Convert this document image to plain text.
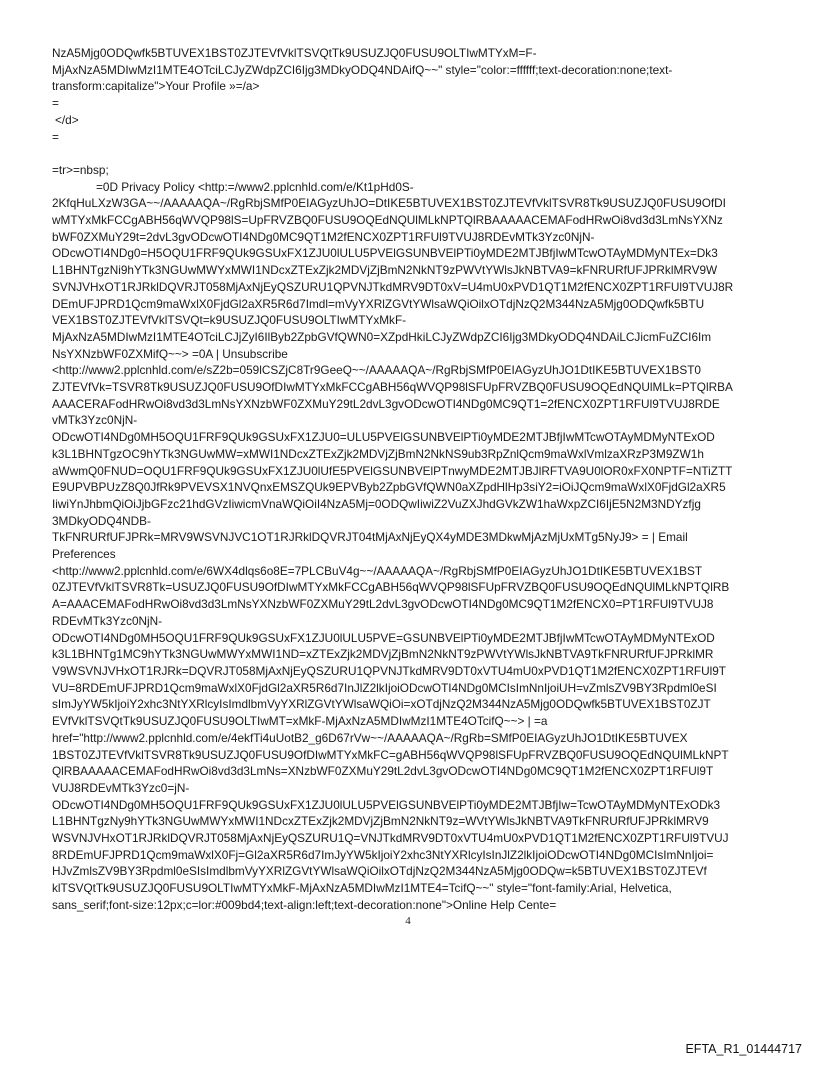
NzA5Mjg0ODQwfk5BTUVEX1BST0ZJTEVfVklTSVQtTk9USUZJQ0FUSU9OLTIwMTYxM=F-
MjAxNzA5MDIwMzI1MTE4OTciLCJyZWdpZCI6Ijg3MDkyODQ4NDAifQ~~" style="color:=ffffff;text-decoration:none;text-
transform:capitalize">Your Profile »=/a>
=
</d>
=
=tr>=nbsp;
=0D Privacy Policy <http:=/www2.pplcnhld.com/e/Kt1pHd0S-
2KfqHuLXzW3GA~~/AAAAAQA~/RgRbjSMfP0EIAGyzUhJO=DtIKE5BTUVEX1BST0ZJTEVfVklTSVR8Tk9USUZJQ0FUSU9OfDI
wMTYxMkFCCgABH56qWVQP98lS=UpFRVZBQ0FUSU9OQEdNQUlMLkNPTQlRBAAAAACEMAFodHRwOi8vd3d3LmNsYXNz
bWF0ZXMuY29t=2dvL3gvODcwOTI4NDg0MC9QT1M2fENCX0ZPT1RFUl9TVUJ8RDEvMTk3Yzc0NjN-
ODcwOTI4NDg0=H5OQU1FRF9QUk9GSUxFX1ZJU0lULU5PVElGSUNBVElPTi0yMDE2MTJBfjIwMTcwOTAyMDMyNTEx=Dk3
L1BHNTgzNi9hYTk3NGUwMWYxMWI1NDcxZTExZjk2MDVjZjBmN2NkNT9zPWVtYWlsJkNBTVA9=kFNRURfUFJPRklMRV9W
SVNJVHxOT1RJRklDQVRJT058MjAxNjEyQSZURU1QPVNJTkdMRV9DT0xV=U4mU0xPVD1QT1M2fENCX0ZPT1RFUl9TVUJ8R
DEmUFJPRD1Qcm9maWxlX0FjdGl2aXR5R6d7Imdl=mVyYXRlZGVtYWlsaWQiOilxOTdjNzQ2M344NzA5Mjg0ODQwfk5BTU
VEX1BST0ZJTEVfVklTSVQt=k9USUZJQ0FUSU9OLTIwMTYxMkF-
MjAxNzA5MDIwMzI1MTE4OTciLCJjZyI6IlByb2ZpbGVfQWN0=XZpdHkiLCJyZWdpZCI6Ijg3MDkyODQ4NDAiLCJicmFuZCI6Im
NsYXNzbWF0ZXMifQ~~> =0A | Unsubscribe
<http://www2.pplcnhld.com/e/sZ2b=059lCSZjC8Tr9GeeQ~~/AAAAAQA~/RgRbjSMfP0EIAGyzUhJO1DtIKE5BTUVEX1BST0
ZJTEVfVk=TSVR8Tk9USUZJQ0FUSU9OfDIwMTYxMkFCCgABH56qWVQP98lSFUpFRVZBQ0FUSU9OQEdNQUlMLk=PTQlRBA
AAACERAFodHRwOi8vd3d3LmNsYXNzbWF0ZXMuY29tL2dvL3gvODcwOTI4NDg0MC9QT1=2fENCX0ZPT1RFUl9TVUJ8RDE
vMTk3Yzc0NjN-
ODcwOTI4NDg0MH5OQU1FRF9QUk9GSUxFX1ZJU0=ULU5PVElGSUNBVElPTi0yMDE2MTJBfjIwMTcwOTAyMDMyNTExOD
k3L1BHNTgzOC9hYTk3NGUwMW=xMWI1NDcxZTExZjk2MDVjZjBmN2NkNS9ub3RpZnlQcm9maWxlVmlzaXRzP3M9ZW1h
aWwmQ0FNUD=OQU1FRF9QUk9GSUxFX1ZJU0lUfE5PVElGSUNBVElPTnwyMDE2MTJBJlRFTVA9U0lOR0xFX0NPTF=NTiZTT
E9UPVBPUzZ8Q0JfRk9PVEVSX1NVQnxEMSZQUk9EPVByb2ZpbGVfQWN0aXZpdHlHp3siY2=iOiJQcm9maWxlX0FjdGl2aXR5
IiwiYnJhbmQiOiJjbGFzc21hdGVzIiwicmVnaWQiOiI4NzA5Mj=0ODQwIiwiZ2VuZXJhdGVkZW1haWxpZCI6IjE5N2M3NDYzfjg
3MDkyODQ4NDB-
TkFNRURfUFJPRk=MRV9WSVNJVC1OT1RJRklDQVRJT04tMjAxNjEyQX4yMDE3MDkwMjAzMjUxMTg5NyJ9> = | Email
Preferences
<http://www2.pplcnhld.com/e/6WX4dlqs6o8E=7PLCBuV4g~~/AAAAAQA~/RgRbjSMfP0EIAGyzUhJO1DtIKE5BTUVEX1BST
0ZJTEVfVklTSVR8Tk=USUZJQ0FUSU9OfDIwMTYxMkFCCgABH56qWVQP98lSFUpFRVZBQ0FUSU9OQEdNQUlMLkNPTQlRB
A=AAACEMAFodHRwOi8vd3d3LmNsYXNzbWF0ZXMuY29tL2dvL3gvODcwOTI4NDg0MC9QT1M2fENCX0=PT1RFUl9TVUJ8
RDEvMTk3Yzc0NjN-
ODcwOTI4NDg0MH5OQU1FRF9QUk9GSUxFX1ZJU0lULU5PVE=GSUNBVElPTi0yMDE2MTJBfjIwMTcwOTAyMDMyNTExOD
k3L1BHNTg1MC9hYTk3NGUwMWYxMWI1ND=xZTExZjk2MDVjZjBmN2NkNT9zPWVtYWlsJkNBTVA9TkFNRURfUFJPRklMR
V9WSVNJVHxOT1RJRk=DQVRJT058MjAxNjEyQSZURU1QPVNJTkdMRV9DT0xVTU4mU0xPVD1QT1M2fENCX0ZPT1RFUl9T
VU=8RDEmUFJPRD1Qcm9maWxlX0FjdGl2aXR5R6d7InJlZ2lkIjoiODcwOTI4NDg0MCIsImNnIjoiUH=vZmlsZV9BY3Rpdml0eSI
sImJyYW5kIjoiY2xhc3NtYXRlcyIsImdlbmVyYXRlZGVtYWlsaWQiOi=xOTdjNzQ2M344NzA5Mjg0ODQwfk5BTUVEX1BST0ZJT
EVfVklTSVQtTk9USUZJQ0FUSU9OLTIwMT=xMkF-MjAxNzA5MDIwMzI1MTE4OTcifQ~~> | =a
href="http://www2.pplcnhld.com/e/4ekfTi4uUotB2_g6D67rVw~~/AAAAAQA~/RgRb=SMfP0EIAGyzUhJO1DtIKE5BTUVEX
1BST0ZJTEVfVklTSVR8Tk9USUZJQ0FUSU9OfDIwMTYxMkFC=gABH56qWVQP98lSFUpFRVZBQ0FUSU9OQEdNQUlMLkNPT
QlRBAAAAACEMAFodHRwOi8vd3d3LmNs=XNzbWF0ZXMuY29tL2dvL3gvODcwOTI4NDg0MC9QT1M2fENCX0ZPT1RFUl9T
VUJ8RDEvMTk3Yzc0=jN-
ODcwOTI4NDg0MH5OQU1FRF9QUk9GSUxFX1ZJU0lULU5PVElGSUNBVElPTi0yMDE2MTJBfjIw=TcwOTAyMDMyNTExODk3
L1BHNTgzNy9hYTk3NGUwMWYxMWI1NDcxZTExZjk2MDVjZjBmN2NkNT9z=WVtYWlsJkNBTVA9TkFNRURfUFJPRklMRV9
WSVNJVHxOT1RJRklDQVRJT058MjAxNjEyQSZURU1Q=VNJTkdMRV9DT0xVTU4mU0xPVD1QT1M2fENCX0ZPT1RFUl9TVUJ
8RDEmUFJPRD1Qcm9maWxlX0Fj=Gl2aXR5R6d7ImJyYW5kIjoiY2xhc3NtYXRlcyIsInJlZ2lkIjoiODcwOTI4NDg0MCIsImNnIjoi=
HJvZmlsZV9BY3Rpdml0eSIsImdlbmVyYXRlZGVtYWlsaWQiOilxOTdjNzQ2M344NzA5Mjg0ODQw=k5BTUVEX1BST0ZJTEVf
klTSVQtTk9USUZJQ0FUSU9OLTIwMTYxMkF-MjAxNzA5MDIwMzI1MTE4=TcifQ~~" style="font-family:Arial, Helvetica,
sans_serif;font-size:12px;c=lor:#009bd4;text-align:left;text-decoration:none">Online Help Cente=
4
EFTA_R1_01444717
